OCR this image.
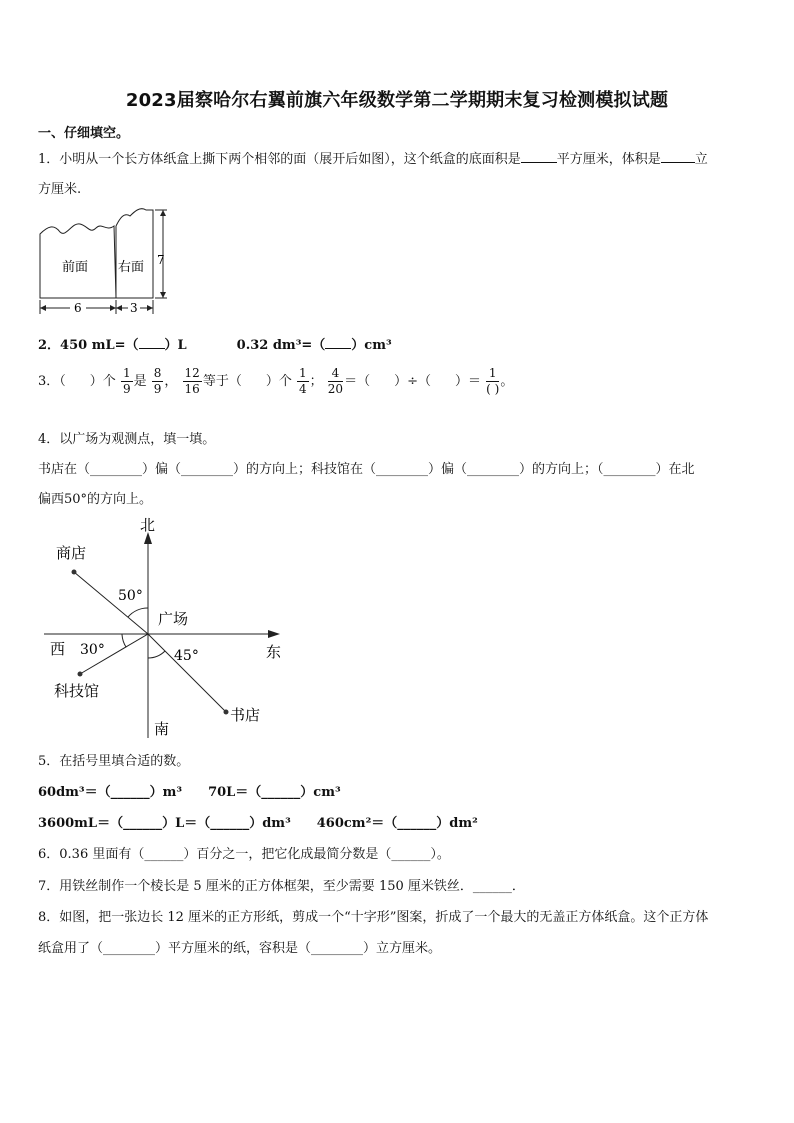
2023届察哈尔右翼前旗六年级数学第二学期期末复习检测模拟试题
一、仔细填空。
1．小明从一个长方体纸盒上撕下两个相邻的面（展开后如图），这个纸盒的底面积是	平方厘米，体积是	立
方厘米.
前面 右面 7
6	3
2．450 mL=（ ）L	0.32 dm³=（ ）cm³
3．（ ）个 $\frac{1}{9}$ 是 $\frac{8}{9}$ ， $\frac{12}{16}$ 等于（ ）个 $\frac{1}{4}$ ； $\frac{4}{20}$ ＝（ ）÷（ ）＝ $\frac{1}{( )}$ 。
4．以广场为观测点，填一填。
书店在（________）偏（________）的方向上；科技馆在（________）偏（________）的方向上；（________）在北
偏西50°的方向上。
北
南
西	东
广场
商店
科技馆
书店
50°
30°	45°
5．在括号里填合适的数。
60dm³＝（______）m³　　70L＝（______）cm³
3600mL＝（______）L＝（______）dm³　　460cm²＝（______）dm²
6．0.36 里面有（______）百分之一，把它化成最简分数是（______）。
7．用铁丝制作一个棱长是 5 厘米的正方体框架，至少需要 150 厘米铁丝．______．
8．如图，把一张边长 12 厘米的正方形纸，剪成一个“十字形”图案，折成了一个最大的无盖正方体纸盒。这个正方体
纸盒用了（________）平方厘米的纸，容积是（________）立方厘米。
